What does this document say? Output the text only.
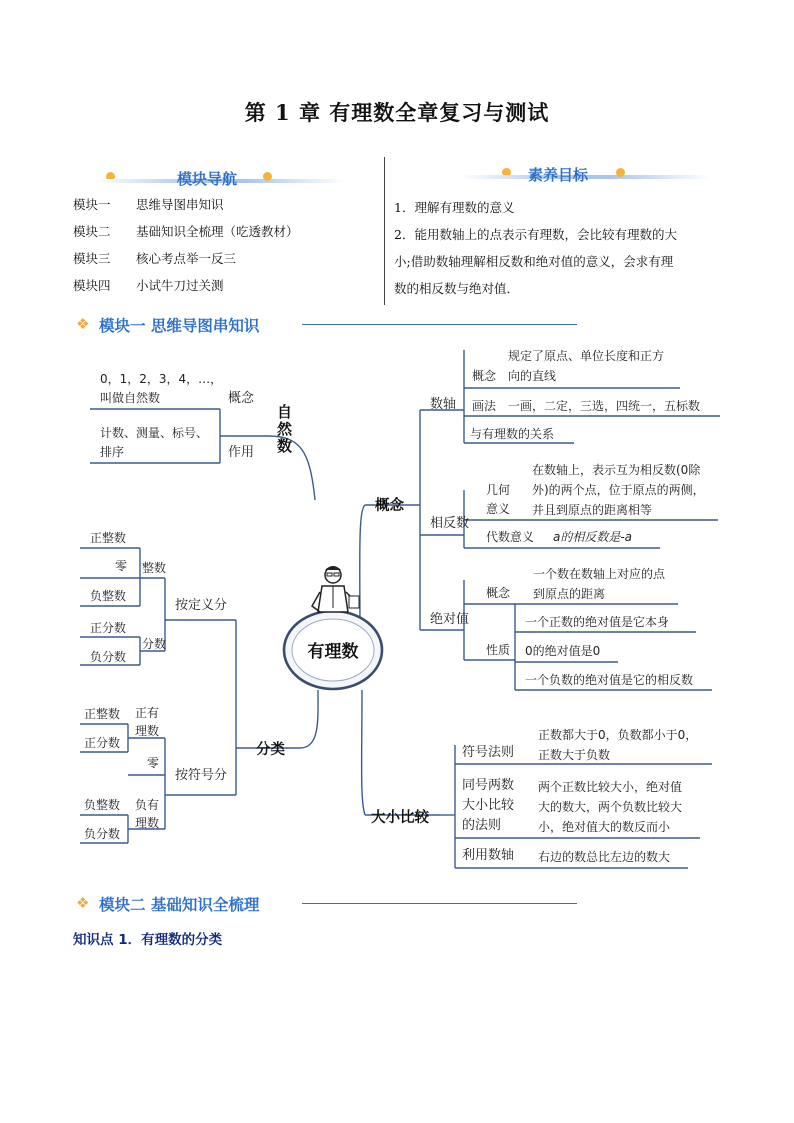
第 1 章 有理数全章复习与测试
模块导航
模块一 思维导图串知识
模块二 基础知识全梳理（吃透教材）
模块三 核心考点举一反三
模块四 小试牛刀过关测
素养目标
1．理解有理数的意义
2．能用数轴上的点表示有理数，会比较有理数的大
小;借助数轴理解相反数和绝对值的意义，会求有理
数的相反数与绝对值．
❖ 模块一 思维导图串知识
有理数
0，1，2，3，4，…，
叫做自然数	概念
计数、测量、标号、
排序	作用 自然数
正整数
零
负整数
整数
正分数
负分数
分数
按定义分
正整数
正分数
正有
理数
零
负整数
负分数
负有
理数
按符号分
分类
概念
数轴
概念
规定了原点、单位长度和正方
向的直线
画法 一画，二定，三选，四统一，五标数
与有理数的关系
相反数
几何
意义
在数轴上，表示互为相反数(0除
外)的两个点，位于原点的两侧，
并且到原点的距离相等
代数意义 a的相反数是-a
绝对值
概念
一个数在数轴上对应的点
到原点的距离
性质
一个正数的绝对值是它本身
0的绝对值是0
一个负数的绝对值是它的相反数
大小比较
符号法则
正数都大于0，负数都小于0，
正数大于负数
同号两数
大小比较
的法则
两个正数比较大小，绝对值
大的数大，两个负数比较大
小，绝对值大的数反而小
利用数轴 右边的数总比左边的数大
❖ 模块二 基础知识全梳理
知识点 1．有理数的分类
